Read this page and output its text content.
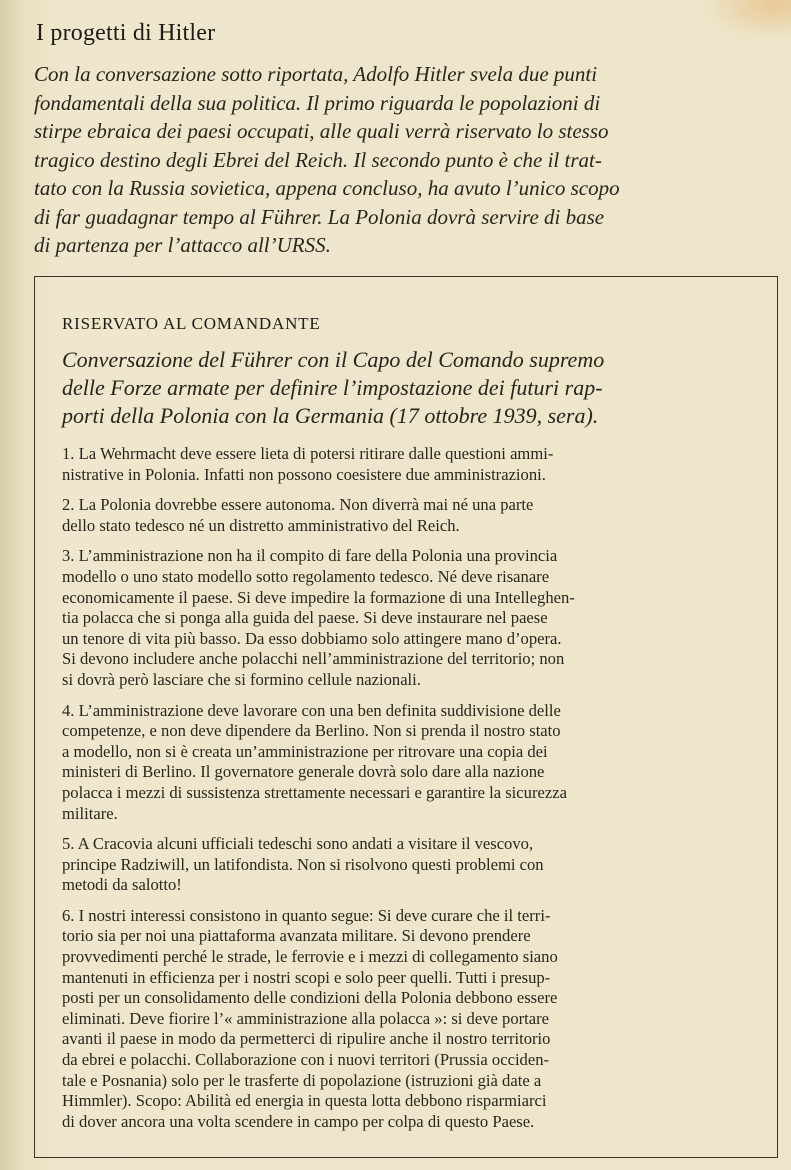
I progetti di Hitler
Con la conversazione sotto riportata, Adolfo Hitler svela due punti
fondamentali della sua politica. Il primo riguarda le popolazioni di
stirpe ebraica dei paesi occupati, alle quali verrà riservato lo stesso
tragico destino degli Ebrei del Reich. Il secondo punto è che il trat-
tato con la Russia sovietica, appena concluso, ha avuto l’unico scopo
di far guadagnar tempo al Führer. La Polonia dovrà servire di base
di partenza per l’attacco all’URSS.
RISERVATO AL COMANDANTE
Conversazione del Führer con il Capo del Comando supremo
delle Forze armate per definire l’impostazione dei futuri rap-
porti della Polonia con la Germania (17 ottobre 1939, sera).
1. La Wehrmacht deve essere lieta di potersi ritirare dalle questioni ammi-
nistrative in Polonia. Infatti non possono coesistere due amministrazioni.
2. La Polonia dovrebbe essere autonoma. Non diverrà mai né una parte
dello stato tedesco né un distretto amministrativo del Reich.
3. L’amministrazione non ha il compito di fare della Polonia una provincia
modello o uno stato modello sotto regolamento tedesco. Né deve risanare
economicamente il paese. Si deve impedire la formazione di una Intelleghen-
tia polacca che si ponga alla guida del paese. Si deve instaurare nel paese
un tenore di vita più basso. Da esso dobbiamo solo attingere mano d’opera.
Si devono includere anche polacchi nell’amministrazione del territorio; non
si dovrà però lasciare che si formino cellule nazionali.
4. L’amministrazione deve lavorare con una ben definita suddivisione delle
competenze, e non deve dipendere da Berlino. Non si prenda il nostro stato
a modello, non si è creata un’amministrazione per ritrovare una copia dei
ministeri di Berlino. Il governatore generale dovrà solo dare alla nazione
polacca i mezzi di sussistenza strettamente necessari e garantire la sicurezza
militare.
5. A Cracovia alcuni ufficiali tedeschi sono andati a visitare il vescovo,
principe Radziwill, un latifondista. Non si risolvono questi problemi con
metodi da salotto!
6. I nostri interessi consistono in quanto segue: Si deve curare che il terri-
torio sia per noi una piattaforma avanzata militare. Si devono prendere
provvedimenti perché le strade, le ferrovie e i mezzi di collegamento siano
mantenuti in efficienza per i nostri scopi e solo peer quelli. Tutti i presup-
posti per un consolidamento delle condizioni della Polonia debbono essere
eliminati. Deve fiorire l’« amministrazione alla polacca »: si deve portare
avanti il paese in modo da permetterci di ripulire anche il nostro territorio
da ebrei e polacchi. Collaborazione con i nuovi territori (Prussia occiden-
tale e Posnania) solo per le trasferte di popolazione (istruzioni già date a
Himmler). Scopo: Abilità ed energia in questa lotta debbono risparmiarci
di dover ancora una volta scendere in campo per colpa di questo Paese.
